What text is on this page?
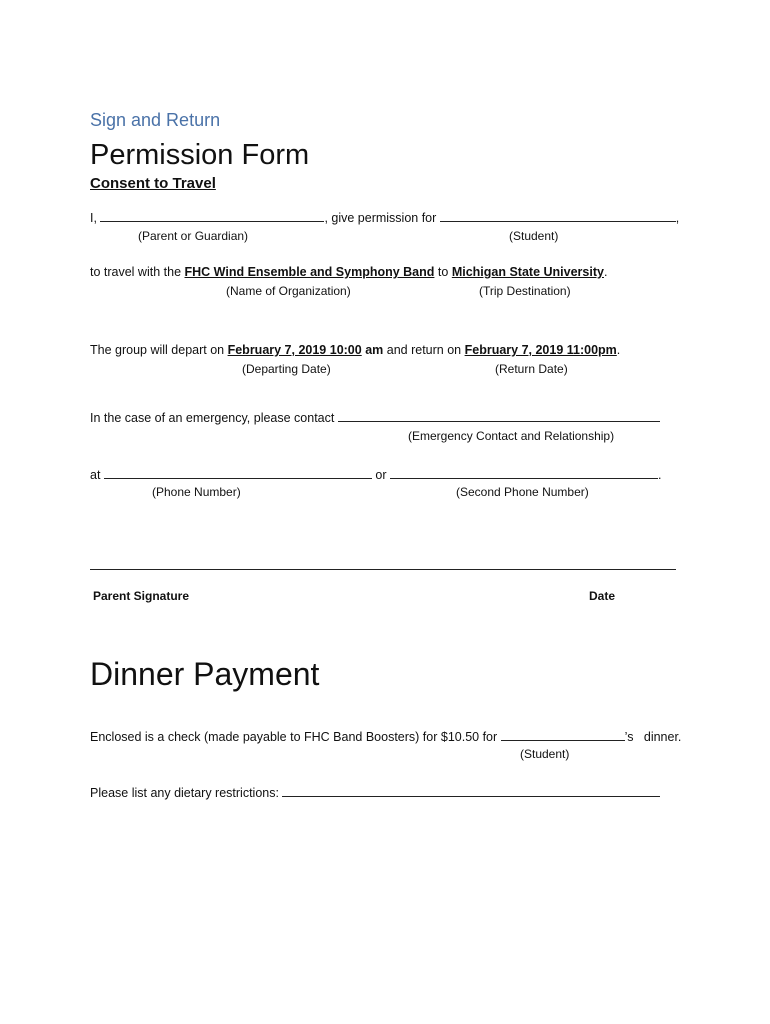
Sign and Return
Permission Form
Consent to Travel
I,	, give permission for	,
(Parent or Guardian)	(Student)
to travel with the FHC Wind Ensemble and Symphony Band to Michigan State University.
(Name of Organization)	(Trip Destination)
The group will depart on February 7, 2019 10:00 am and return on February 7, 2019 11:00pm.
(Departing Date)	(Return Date)
In the case of an emergency, please contact
(Emergency Contact and Relationship)
at	or	.
(Phone Number)	(Second Phone Number)
Parent Signature	Date
Dinner Payment
Enclosed is a check (made payable to FHC Band Boosters) for $10.50 for	’s   dinner.
(Student)
Please list any dietary restrictions:
